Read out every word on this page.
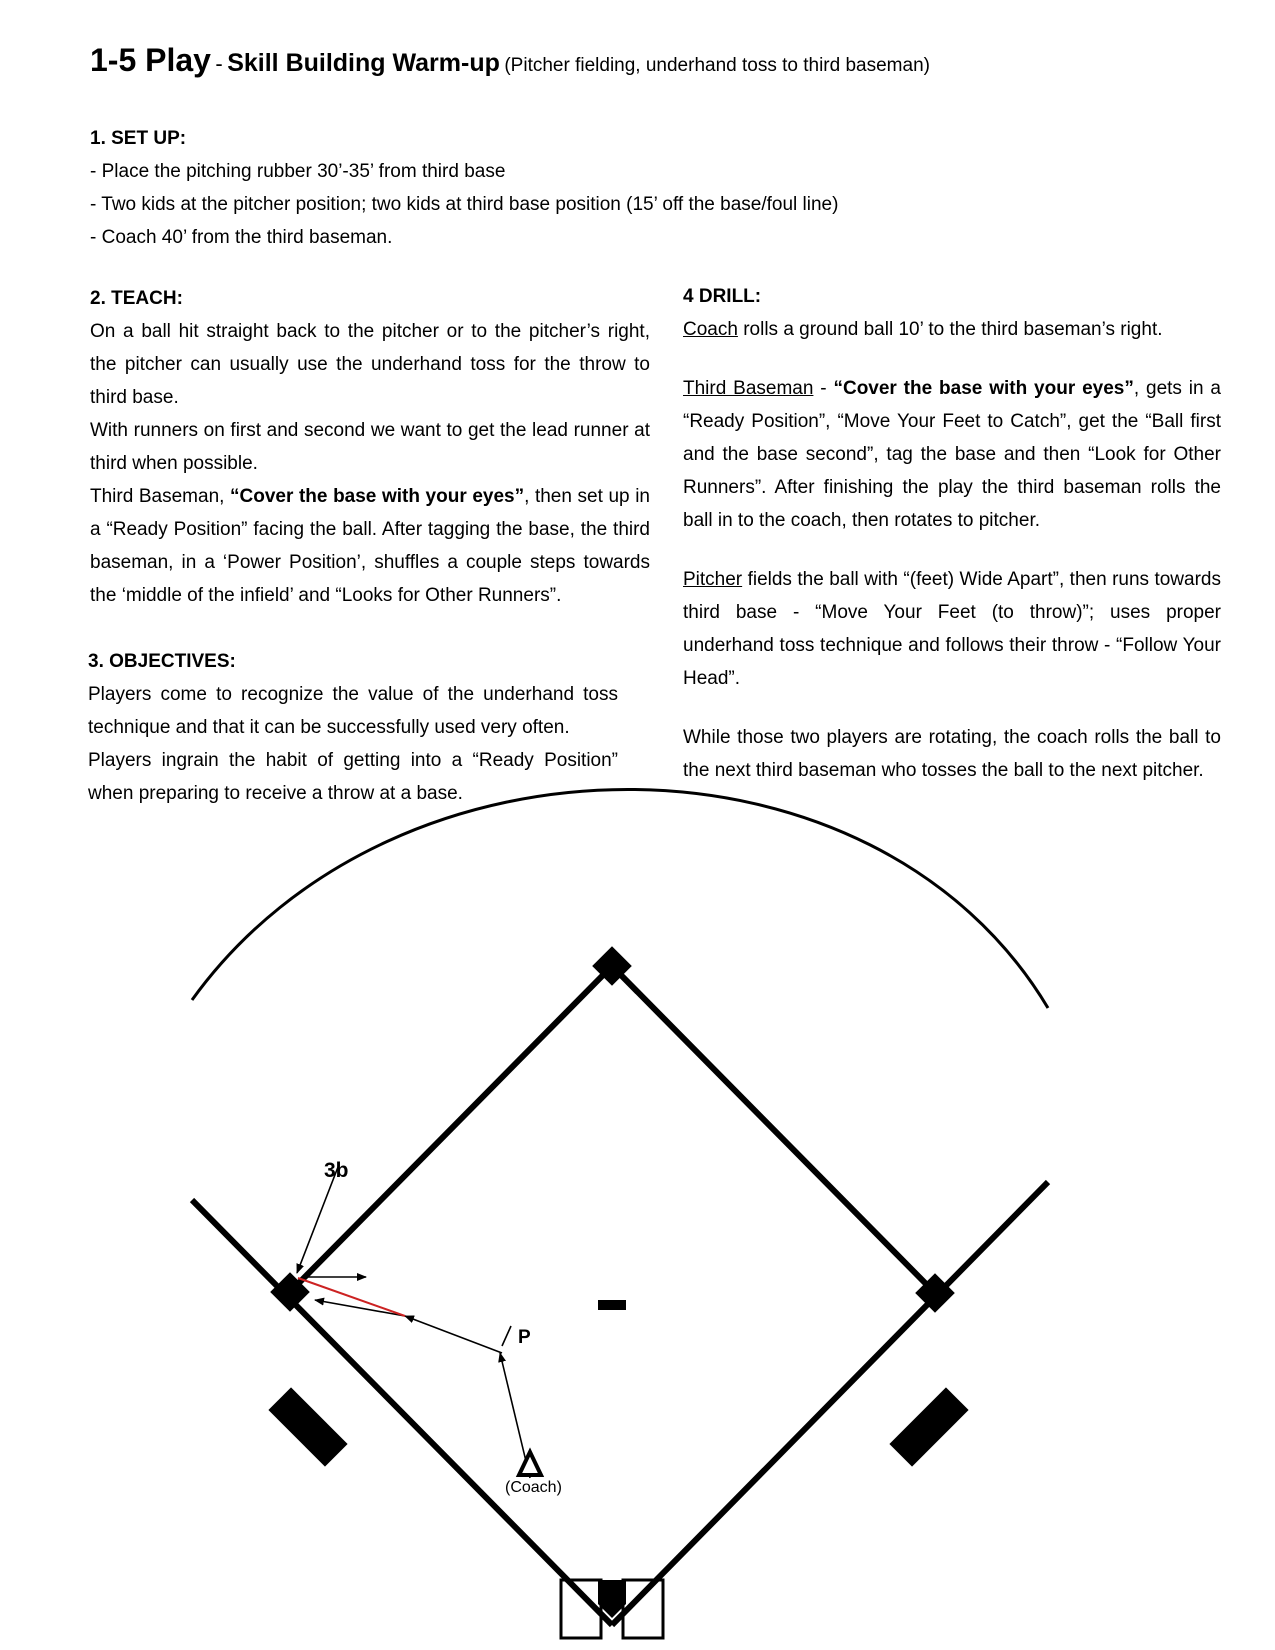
1-5 Play - Skill Building Warm-up (Pitcher fielding, underhand toss to third baseman)

1. SET UP:

- Place the pitching rubber 30’-35’ from third base

- Two kids at the pitcher position; two kids at third base position (15’ off the base/foul line)

- Coach 40’ from the third baseman.

2. TEACH:

On a ball hit straight back to the pitcher or to the pitcher’s right, the pitcher can usually use the underhand toss for the throw to third base.

With runners on first and second we want to get the lead runner at third when possible.

Third Baseman, “Cover the base with your eyes”, then set up in a “Ready Position” facing the ball. After tagging the base, the third baseman, in a ‘Power Position’, shuffles a couple steps towards the ‘middle of the infield’ and “Looks for Other Runners”.

3. OBJECTIVES:

Players come to recognize the value of the underhand toss technique and that it can be successfully used very often.

Players ingrain the habit of getting into a “Ready Position” when preparing to receive a throw at a base.

4 DRILL:

Coach rolls a ground ball 10’ to the third baseman’s right.

Third Baseman - “Cover the base with your eyes”, gets in a “Ready Position”, “Move Your Feet to Catch”, get the “Ball first and the base second”, tag the base and then “Look for Other Runners”. After finishing the play the third baseman rolls the ball in to the coach, then rotates to pitcher.

Pitcher fields the ball with “(feet) Wide Apart”, then runs towards third base - “Move Your Feet (to throw)”; uses proper underhand toss technique and follows their throw - “Follow Your Head”.

While those two players are rotating, the coach rolls the ball to the next third baseman who tosses the ball to the next pitcher.

3b
P
(Coach)
